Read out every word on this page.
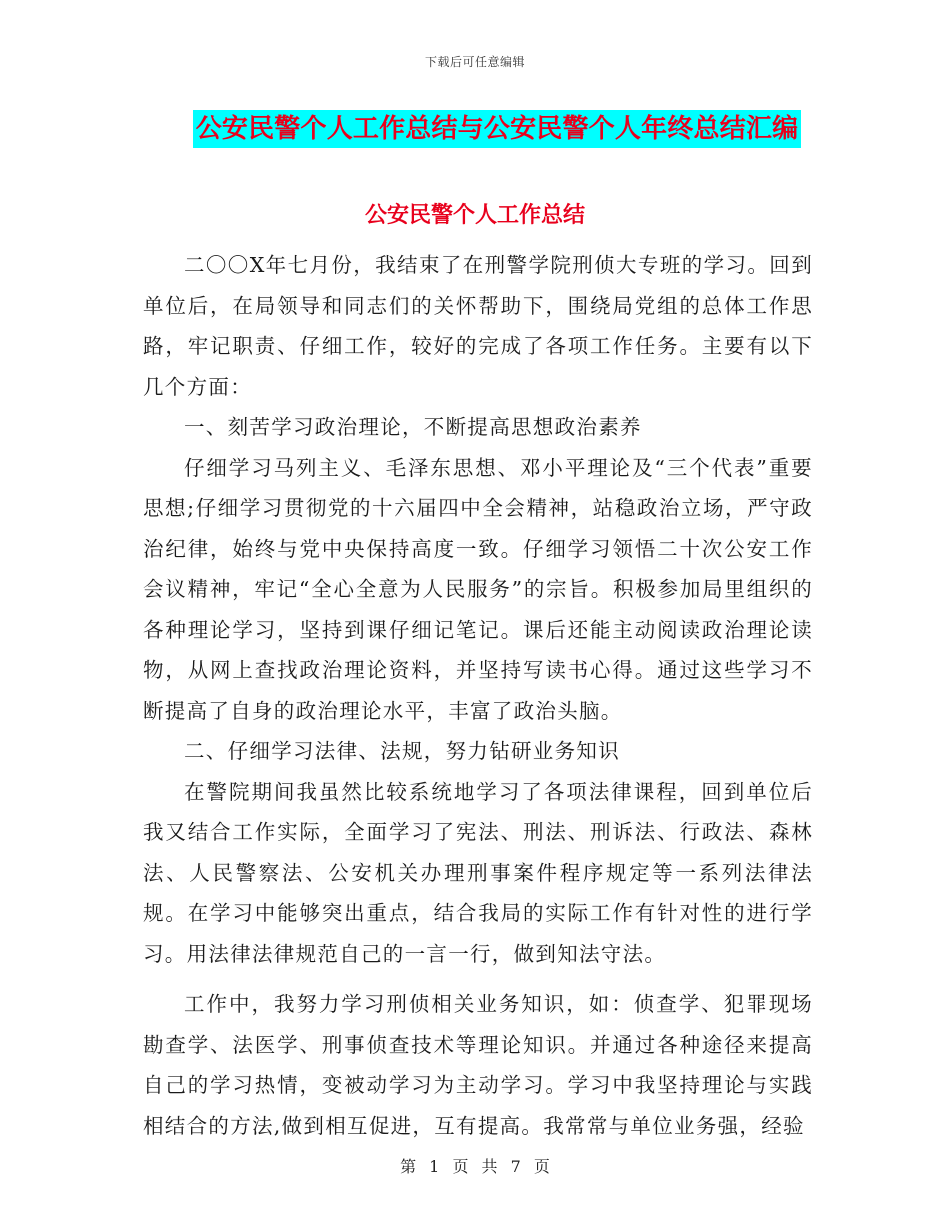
下载后可任意编辑
公安民警个人工作总结与公安民警个人年终总结汇编
公安民警个人工作总结

二〇〇X年七月份，我结束了在刑警学院刑侦大专班的学习。回到单位后，在局领导和同志们的关怀帮助下，围绕局党组的总体工作思路，牢记职责、仔细工作，较好的完成了各项工作任务。主要有以下几个方面：

一、刻苦学习政治理论，不断提高思想政治素养

仔细学习马列主义、毛泽东思想、邓小平理论及“三个代表”重要思想;仔细学习贯彻党的十六届四中全会精神，站稳政治立场，严守政治纪律，始终与党中央保持高度一致。仔细学习领悟二十次公安工作会议精神，牢记“全心全意为人民服务”的宗旨。积极参加局里组织的各种理论学习，坚持到课仔细记笔记。课后还能主动阅读政治理论读物，从网上查找政治理论资料，并坚持写读书心得。通过这些学习不断提高了自身的政治理论水平，丰富了政治头脑。

二、仔细学习法律、法规，努力钻研业务知识

在警院期间我虽然比较系统地学习了各项法律课程，回到单位后我又结合工作实际，全面学习了宪法、刑法、刑诉法、行政法、森林法、人民警察法、公安机关办理刑事案件程序规定等一系列法律法规。在学习中能够突出重点，结合我局的实际工作有针对性的进行学习。用法律法律规范自己的一言一行，做到知法守法。

工作中，我努力学习刑侦相关业务知识，如：侦查学、犯罪现场勘查学、法医学、刑事侦查技术等理论知识。并通过各种途径来提高自己的学习热情，变被动学习为主动学习。学习中我坚持理论与实践相结合的方法,做到相互促进，互有提高。我常常与单位业务强，经验

第 1 页 共 7 页
